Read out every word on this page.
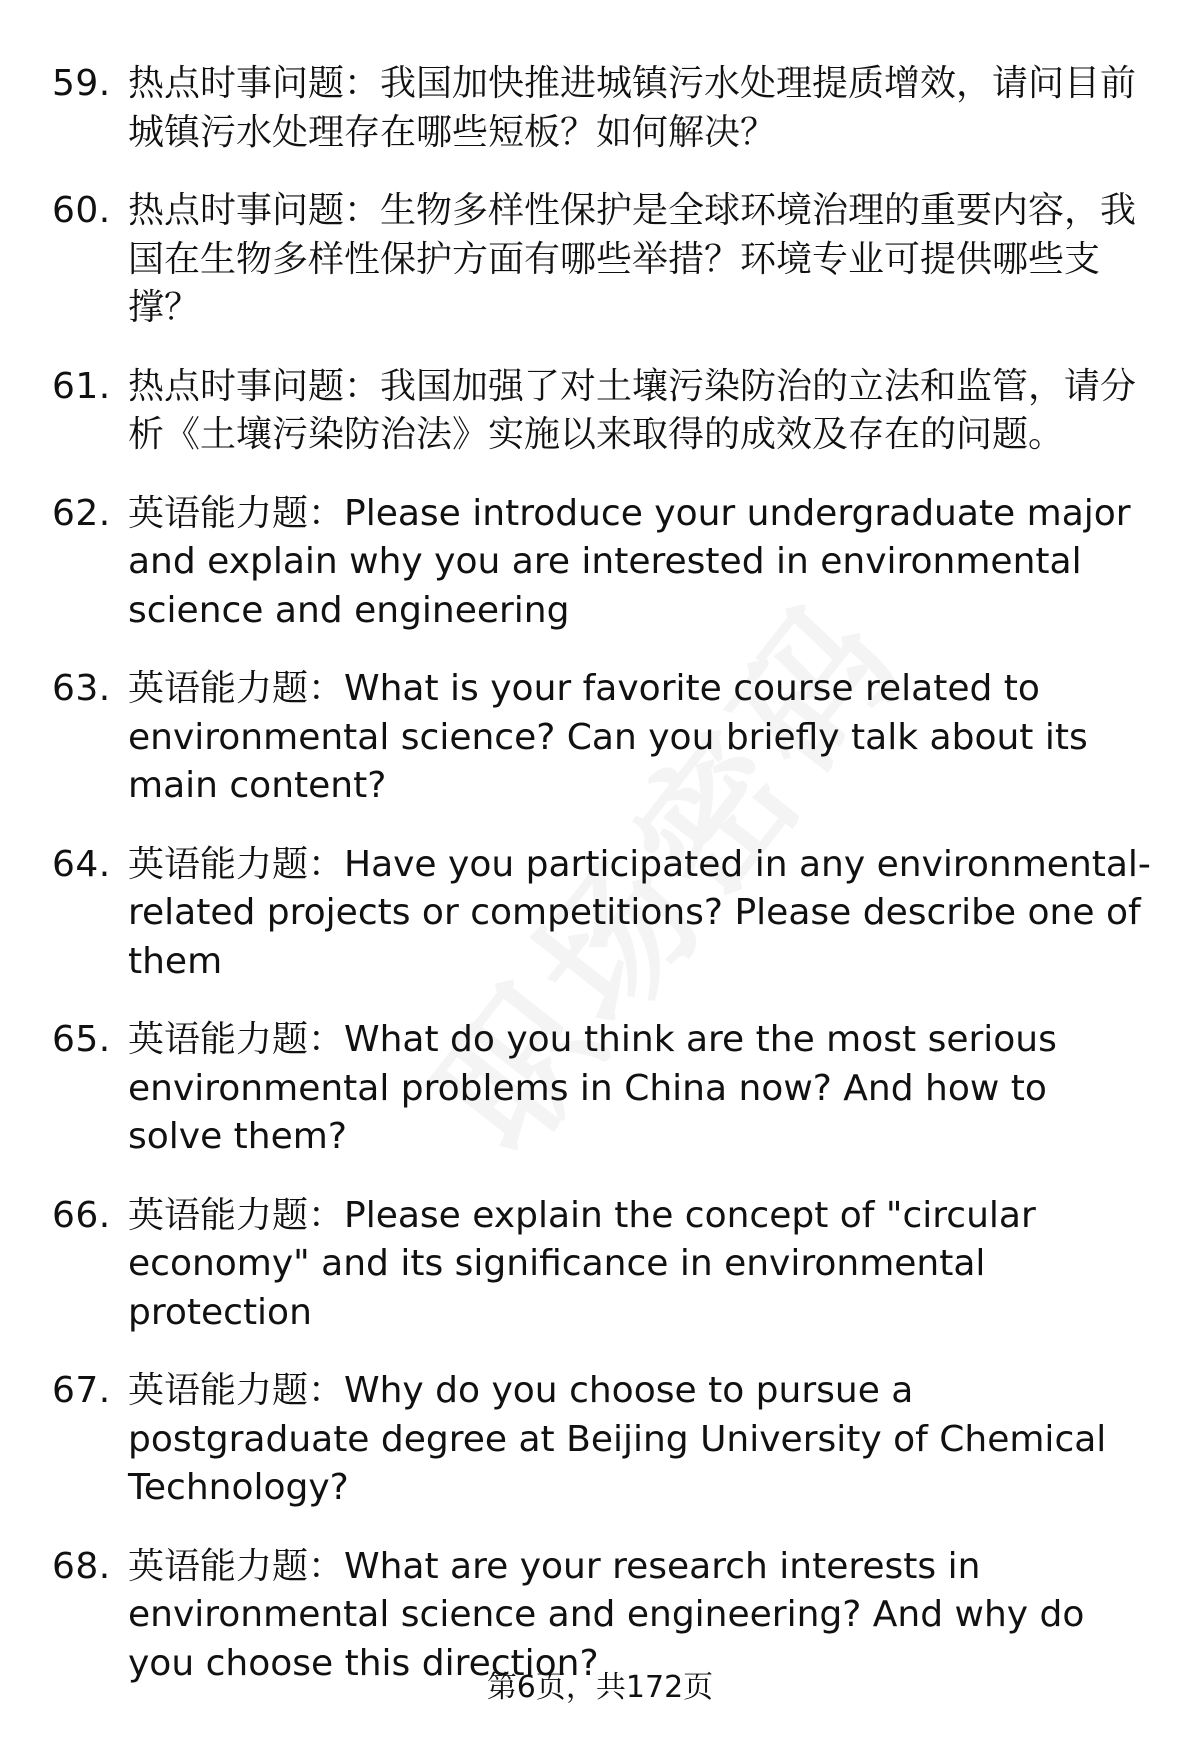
59. 热点时事问题：我国加快推进城镇污水处理提质增效，请问目前城镇污水处理存在哪些短板？如何解决？
60. 热点时事问题：生物多样性保护是全球环境治理的重要内容，我国在生物多样性保护方面有哪些举措？环境专业可提供哪些支撑？
61. 热点时事问题：我国加强了对土壤污染防治的立法和监管，请分析《土壤污染防治法》实施以来取得的成效及存在的问题。
62. 英语能力题：Please introduce your undergraduate major and explain why you are interested in environmental science and engineering
63. 英语能力题：What is your favorite course related to environmental science? Can you briefly talk about its main content?
64. 英语能力题：Have you participated in any environmental-related projects or competitions? Please describe one of them
65. 英语能力题：What do you think are the most serious environmental problems in China now? And how to solve them?
66. 英语能力题：Please explain the concept of "circular economy" and its significance in environmental protection
67. 英语能力题：Why do you choose to pursue a postgraduate degree at Beijing University of Chemical Technology?
68. 英语能力题：What are your research interests in environmental science and engineering? And why do you choose this direction?
第6页，共172页
